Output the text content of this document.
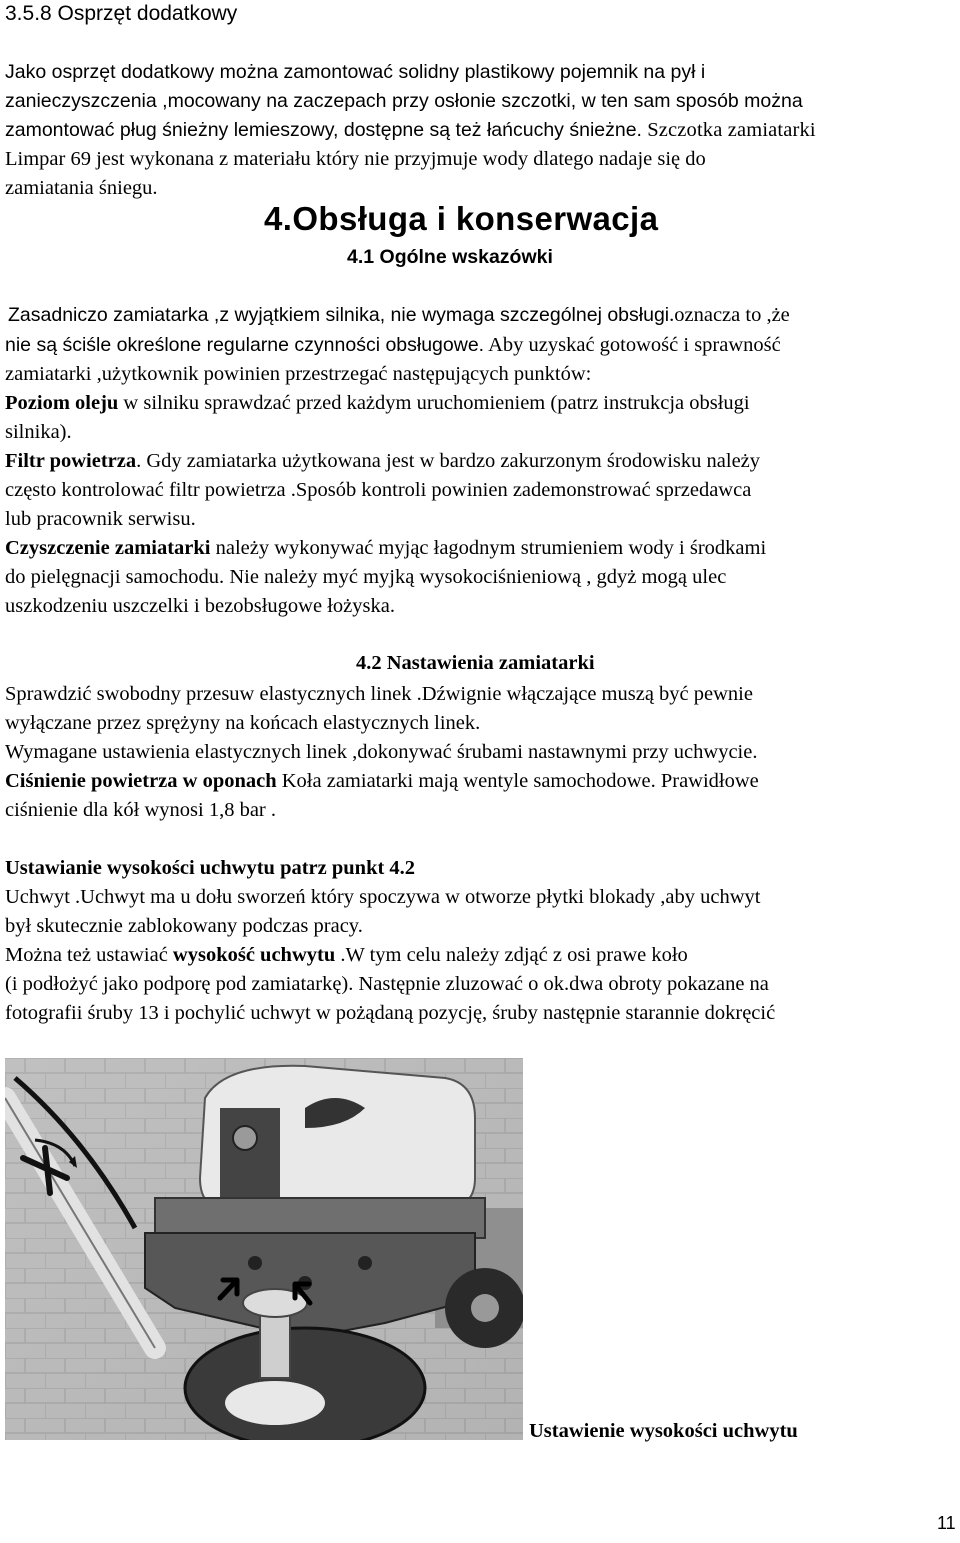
3.5.8 Osprzęt dodatkowy
Jako osprzęt dodatkowy można zamontować solidny plastikowy pojemnik na pył i
zanieczyszczenia ,mocowany na zaczepach przy osłonie szczotki, w ten sam sposób można
zamontować pług śnieżny lemieszowy, dostępne są też łańcuchy śnieżne. Szczotka zamiatarki
Limpar 69 jest wykonana z materiału który nie przyjmuje wody dlatego nadaje się do
zamiatania śniegu.
4.Obsługa i konserwacja
4.1 Ogólne wskazówki
Zasadniczo zamiatarka ,z wyjątkiem silnika, nie wymaga szczególnej obsługi.oznacza to ,że
nie są ściśle określone regularne czynności obsługowe. Aby uzyskać gotowość i sprawność
zamiatarki ,użytkownik powinien przestrzegać następujących punktów:
Poziom oleju w silniku sprawdzać przed każdym uruchomieniem (patrz instrukcja obsługi
silnika).
Filtr powietrza. Gdy zamiatarka użytkowana jest w bardzo zakurzonym środowisku należy
często kontrolować filtr powietrza .Sposób kontroli powinien zademonstrować sprzedawca
lub pracownik serwisu.
Czyszczenie zamiatarki należy wykonywać myjąc łagodnym strumieniem wody i środkami
do pielęgnacji samochodu. Nie należy myć myjką wysokociśnieniową , gdyż mogą ulec
uszkodzeniu uszczelki i bezobsługowe łożyska.
4.2 Nastawienia zamiatarki
Sprawdzić swobodny przesuw elastycznych linek .Dźwignie włączające muszą być pewnie
wyłączane przez sprężyny na końcach elastycznych linek.
Wymagane ustawienia elastycznych linek ,dokonywać śrubami nastawnymi przy uchwycie.
Ciśnienie powietrza w oponach Koła zamiatarki mają wentyle samochodowe. Prawidłowe
ciśnienie dla kół wynosi 1,8 bar .
Ustawianie wysokości uchwytu patrz punkt 4.2
Uchwyt .Uchwyt ma u dołu sworzeń który spoczywa w otworze płytki blokady ,aby uchwyt
był skutecznie zablokowany podczas pracy.
Można też ustawiać wysokość uchwytu .W tym celu należy zdjąć z osi prawe koło
(i podłożyć jako podporę pod zamiatarkę). Następnie zluzować o ok.dwa obroty pokazane na
fotografii śruby 13 i pochylić uchwyt w pożądaną pozycję, śruby następnie starannie dokręcić
Ustawienie wysokości uchwytu
11
